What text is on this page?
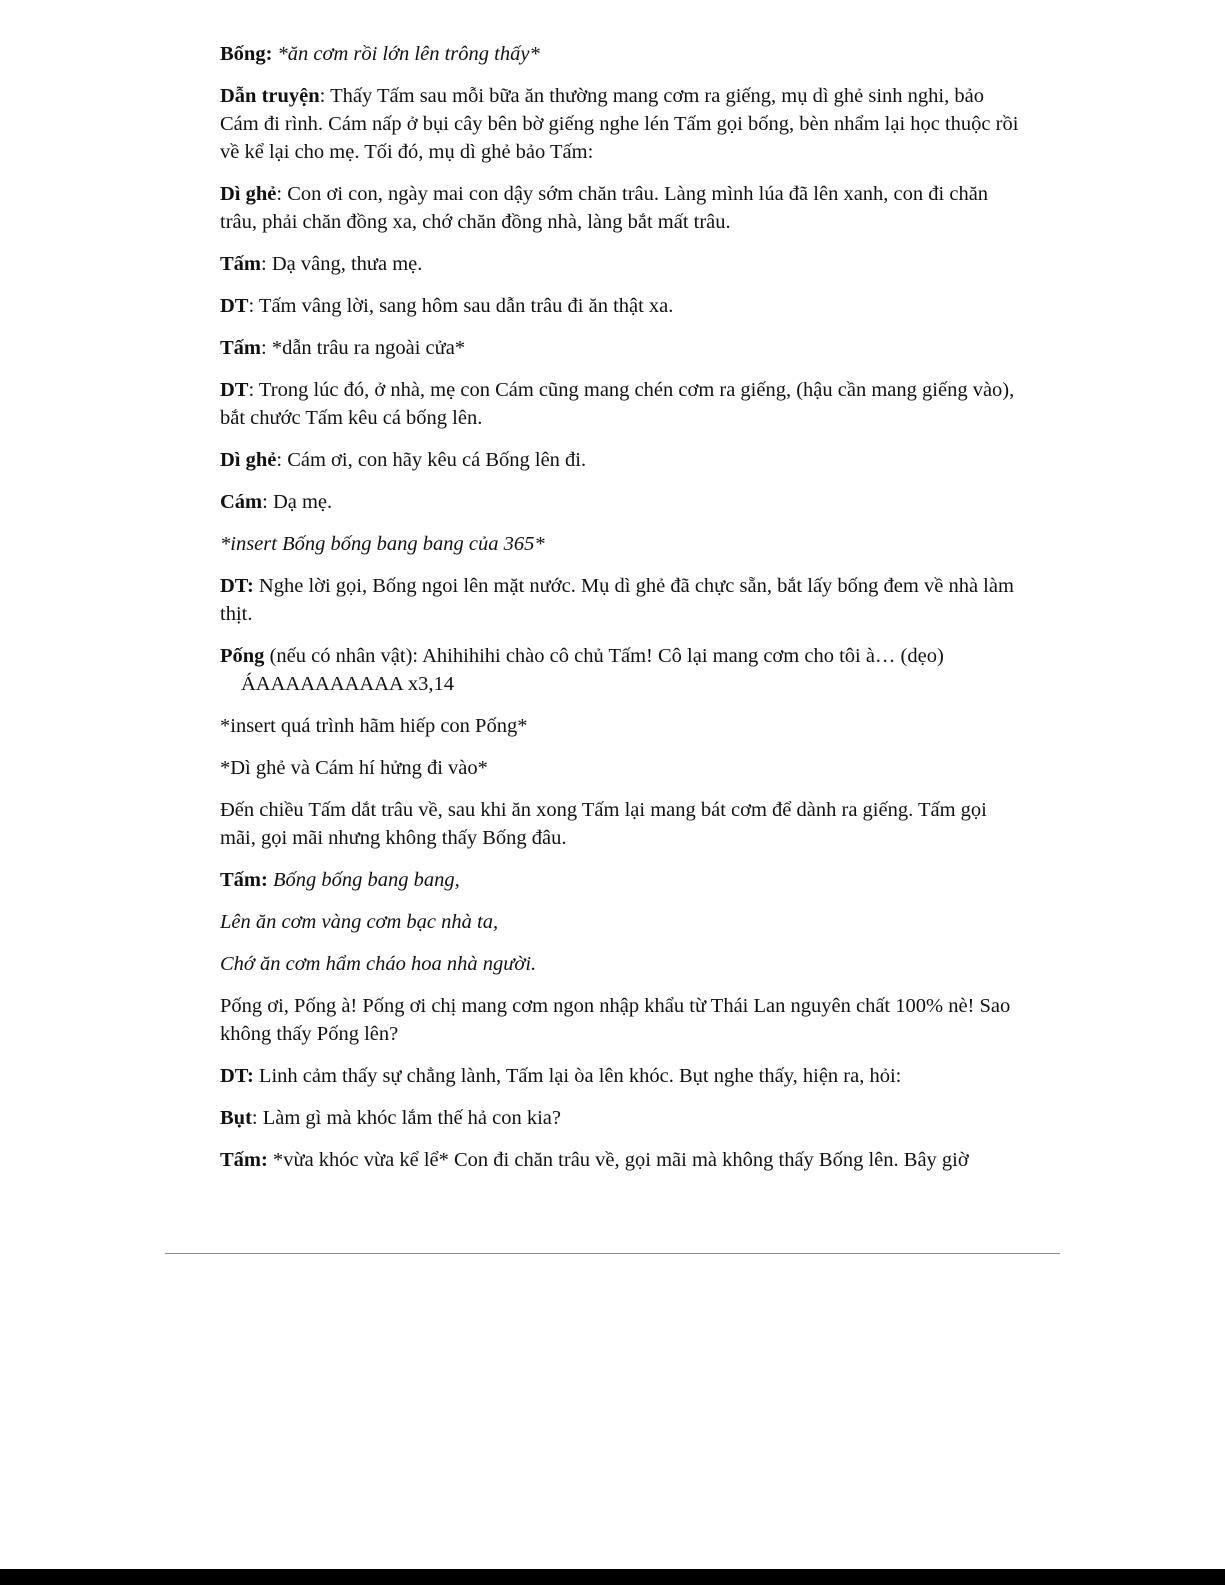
Bống: *ăn cơm rồi lớn lên trông thấy*

Dẫn truyện: Thấy Tấm sau mỗi bữa ăn thường mang cơm ra giếng, mụ dì ghẻ sinh nghi, bảo Cám đi rình. Cám nấp ở bụi cây bên bờ giếng nghe lén Tấm gọi bống, bèn nhẩm lại học thuộc rồi về kể lại cho mẹ. Tối đó, mụ dì ghẻ bảo Tấm:

Dì ghẻ: Con ơi con, ngày mai con dậy sớm chăn trâu. Làng mình lúa đã lên xanh, con đi chăn trâu, phải chăn đồng xa, chớ chăn đồng nhà, làng bắt mất trâu.

Tấm: Dạ vâng, thưa mẹ.

DT: Tấm vâng lời, sang hôm sau dẫn trâu đi ăn thật xa.

Tấm: *dẫn trâu ra ngoài cửa*

DT: Trong lúc đó, ở nhà, mẹ con Cám cũng mang chén cơm ra giếng, (hậu cần mang giếng vào), bắt chước Tấm kêu cá bống lên.

Dì ghẻ: Cám ơi, con hãy kêu cá Bống lên đi.

Cám: Dạ mẹ.

*insert Bống bống bang bang của 365*

DT: Nghe lời gọi, Bống ngoi lên mặt nước. Mụ dì ghẻ đã chực sẵn, bắt lấy bống đem về nhà làm thịt.

Pống (nếu có nhân vật): Ahihihihi chào cô chủ Tấm! Cô lại mang cơm cho tôi à… (dẹo)
ÁAAAAAAAAAA x3,14

*insert quá trình hãm hiếp con Pống*

*Dì ghẻ và Cám hí hửng đi vào*

Đến chiều Tấm dắt trâu về, sau khi ăn xong Tấm lại mang bát cơm để dành ra giếng. Tấm gọi mãi, gọi mãi nhưng không thấy Bống đâu.

Tấm: Bống bống bang bang,

Lên ăn cơm vàng cơm bạc nhà ta,

Chớ ăn cơm hẩm cháo hoa nhà người.

Pống ơi, Pống à! Pống ơi chị mang cơm ngon nhập khẩu từ Thái Lan nguyên chất 100% nè! Sao không thấy Pống lên?

DT: Linh cảm thấy sự chẳng lành, Tấm lại òa lên khóc. Bụt nghe thấy, hiện ra, hỏi:

Bụt: Làm gì mà khóc lắm thế hả con kia?

Tấm: *vừa khóc vừa kể lể* Con đi chăn trâu về, gọi mãi mà không thấy Bống lên. Bây giờ
